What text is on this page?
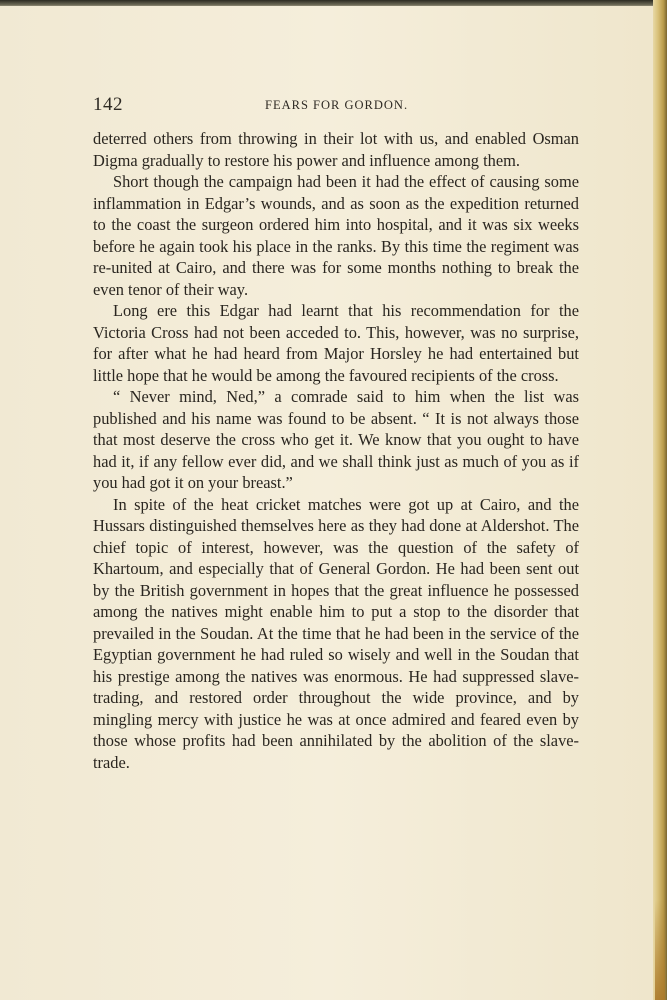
142	FEARS FOR GORDON.

deterred others from throwing in their lot with us, and enabled Osman Digma gradually to restore his power and influence among them.

Short though the campaign had been it had the effect of causing some inflammation in Edgar’s wounds, and as soon as the expedition returned to the coast the surgeon ordered him into hospital, and it was six weeks before he again took his place in the ranks. By this time the regiment was re-united at Cairo, and there was for some months nothing to break the even tenor of their way.

Long ere this Edgar had learnt that his recommendation for the Victoria Cross had not been acceded to. This, however, was no surprise, for after what he had heard from Major Horsley he had entertained but little hope that he would be among the favoured recipients of the cross.

“ Never mind, Ned,” a comrade said to him when the list was published and his name was found to be absent. “ It is not always those that most deserve the cross who get it. We know that you ought to have had it, if any fellow ever did, and we shall think just as much of you as if you had got it on your breast.”

In spite of the heat cricket matches were got up at Cairo, and the Hussars distinguished themselves here as they had done at Aldershot. The chief topic of interest, however, was the question of the safety of Khartoum, and especially that of General Gordon. He had been sent out by the British government in hopes that the great influence he possessed among the natives might enable him to put a stop to the disorder that prevailed in the Soudan. At the time that he had been in the service of the Egyptian government he had ruled so wisely and well in the Soudan that his prestige among the natives was enormous. He had suppressed slave-trading, and restored order throughout the wide province, and by mingling mercy with justice he was at once admired and feared even by those whose profits had been annihilated by the abolition of the slave-trade.
